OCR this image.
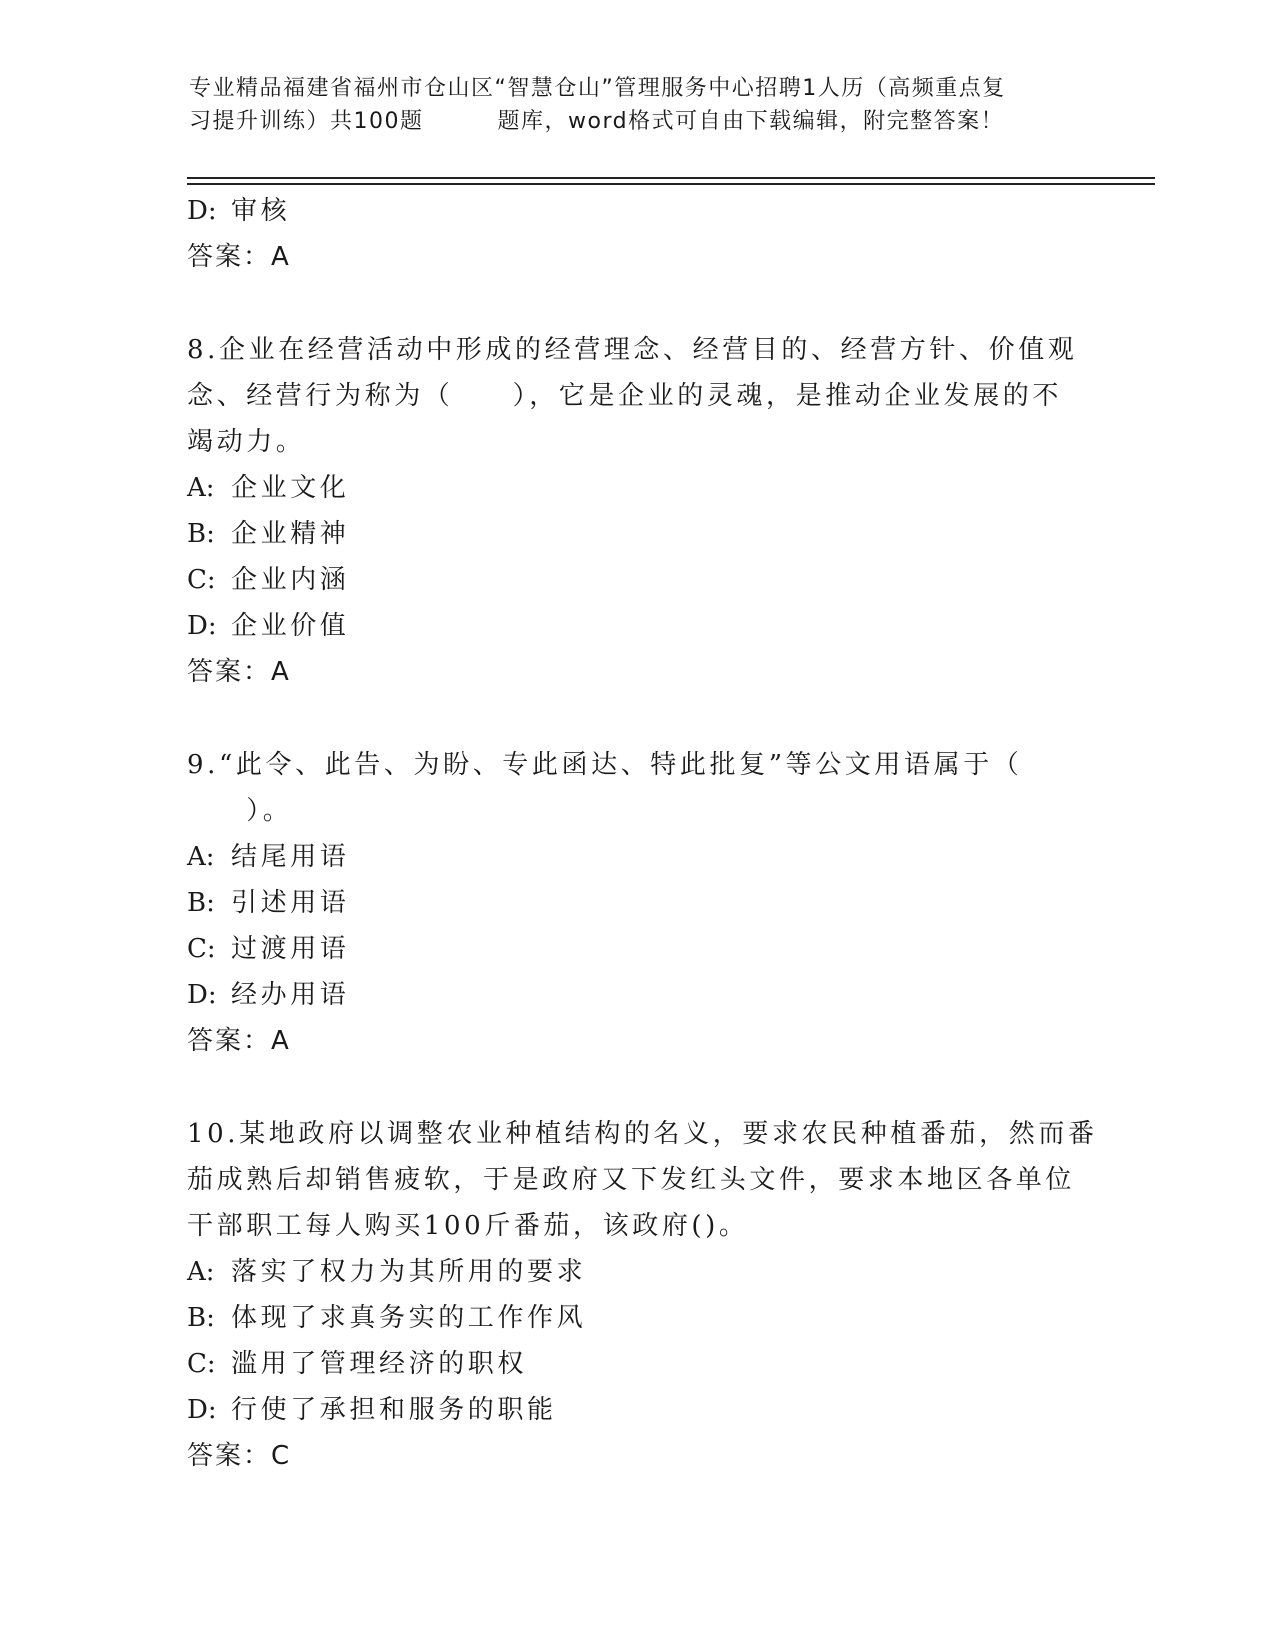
专业精品福建省福州市仓山区“智慧仓山”管理服务中心招聘1人历（高频重点复
习提升训练）共100题	题库，word格式可自由下载编辑，附完整答案！
D: 审核
答案：A
8.企业在经营活动中形成的经营理念、经营目的、经营方针、价值观
念、经营行为称为（　　），它是企业的灵魂，是推动企业发展的不
竭动力。
A: 企业文化
B: 企业精神
C: 企业内涵
D: 企业价值
答案：A
9.“此令、此告、为盼、专此函达、特此批复”等公文用语属于（
　　）。
A: 结尾用语
B: 引述用语
C: 过渡用语
D: 经办用语
答案：A
10.某地政府以调整农业种植结构的名义，要求农民种植番茄，然而番
茄成熟后却销售疲软，于是政府又下发红头文件，要求本地区各单位
干部职工每人购买100斤番茄，该政府()。
A: 落实了权力为其所用的要求
B: 体现了求真务实的工作作风
C: 滥用了管理经济的职权
D: 行使了承担和服务的职能
答案：C
